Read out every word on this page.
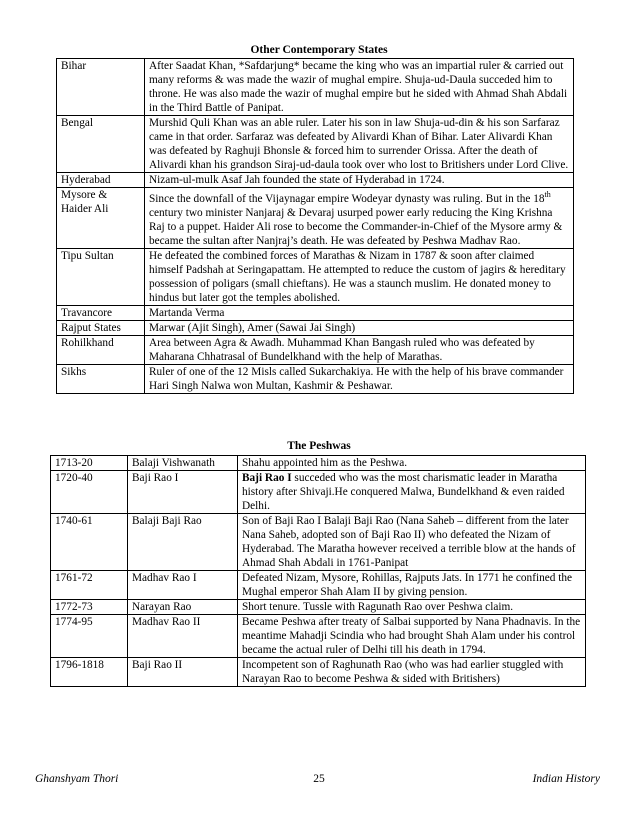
Other Contemporary States
Bihar	After Saadat Khan, *Safdarjung* became the king who was an impartial ruler & carried out many reforms & was made the wazir of mughal empire. Shuja-ud-Daula succeded him to throne. He was also made the wazir of mughal empire but he sided with Ahmad Shah Abdali in the Third Battle of Panipat.
Bengal	Murshid Quli Khan was an able ruler. Later his son in law Shuja-ud-din & his son Sarfaraz came in that order. Sarfaraz was defeated by Alivardi Khan of Bihar. Later Alivardi Khan was defeated by Raghuji Bhonsle & forced him to surrender Orissa. After the death of Alivardi khan his grandson Siraj-ud-daula took over who lost to Britishers under Lord Clive.
Hyderabad	Nizam-ul-mulk Asaf Jah founded the state of Hyderabad in 1724.
Mysore & Haider Ali	Since the downfall of the Vijaynagar empire Wodeyar dynasty was ruling. But in the 18th century two minister Nanjaraj & Devaraj usurped power early reducing the King Krishna Raj to a puppet. Haider Ali rose to become the Commander-in-Chief of the Mysore army & became the sultan after Nanjraj’s death. He was defeated by Peshwa Madhav Rao.
Tipu Sultan	He defeated the combined forces of Marathas & Nizam in 1787 & soon after claimed himself Padshah at Seringapattam. He attempted to reduce the custom of jagirs & hereditary possession of poligars (small chieftans). He was a staunch muslim. He donated money to hindus but later got the temples abolished.
Travancore	Martanda Verma
Rajput States	Marwar (Ajit Singh), Amer (Sawai Jai Singh)
Rohilkhand	Area between Agra & Awadh. Muhammad Khan Bangash ruled who was defeated by Maharana Chhatrasal of Bundelkhand with the help of Marathas.
Sikhs	Ruler of one of the 12 Misls called Sukarchakiya. He with the help of his brave commander Hari Singh Nalwa won Multan, Kashmir & Peshawar.
The Peshwas
1713-20	Balaji Vishwanath	Shahu appointed him as the Peshwa.
1720-40	Baji Rao I	Baji Rao I succeded who was the most charismatic leader in Maratha history after Shivaji.He conquered Malwa, Bundelkhand & even raided Delhi.
1740-61	Balaji Baji Rao	Son of Baji Rao I Balaji Baji Rao (Nana Saheb – different from the later Nana Saheb, adopted son of Baji Rao II) who defeated the Nizam of Hyderabad. The Maratha however received a terrible blow at the hands of Ahmad Shah Abdali in 1761-Panipat
1761-72	Madhav Rao I	Defeated Nizam, Mysore, Rohillas, Rajputs Jats. In 1771 he confined the Mughal emperor Shah Alam II by giving pension.
1772-73	Narayan Rao	Short tenure. Tussle with Ragunath Rao over Peshwa claim.
1774-95	Madhav Rao II	Became Peshwa after treaty of Salbai supported by Nana Phadnavis. In the meantime Mahadji Scindia who had brought Shah Alam under his control became the actual ruler of Delhi till his death in 1794.
1796-1818	Baji Rao II	Incompetent son of Raghunath Rao (who was had earlier stuggled with Narayan Rao to become Peshwa & sided with Britishers)
Ghanshyam Thori	25	Indian History
